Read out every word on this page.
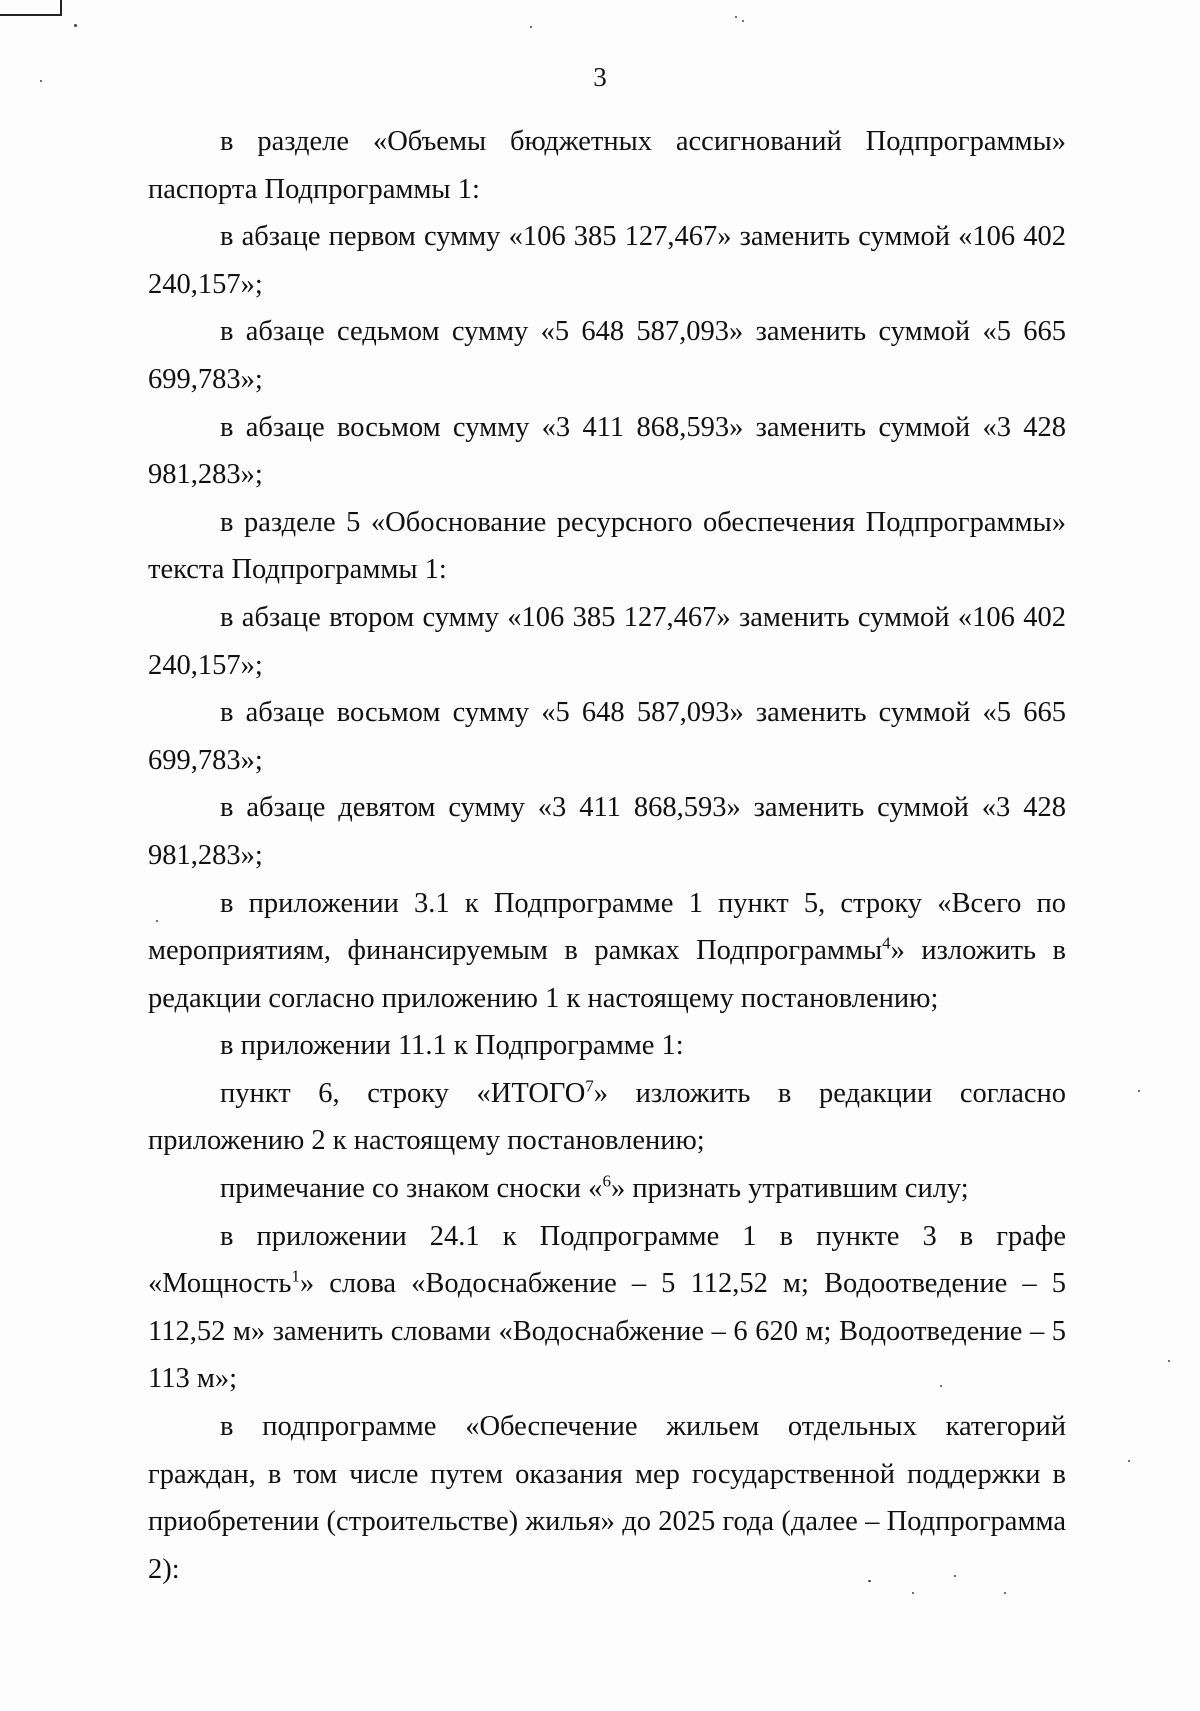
3

в разделе «Объемы бюджетных ассигнований Подпрограммы» паспорта Подпрограммы 1:

в абзаце первом сумму «106 385 127,467» заменить суммой «106 402 240,157»;

в абзаце седьмом сумму «5 648 587,093» заменить суммой «5 665 699,783»;

в абзаце восьмом сумму «3 411 868,593» заменить суммой «3 428 981,283»;

в разделе 5 «Обоснование ресурсного обеспечения Подпрограммы» текста Подпрограммы 1:

в абзаце втором сумму «106 385 127,467» заменить суммой «106 402 240,157»;

в абзаце восьмом сумму «5 648 587,093» заменить суммой «5 665 699,783»;

в абзаце девятом сумму «3 411 868,593» заменить суммой «3 428 981,283»;

в приложении 3.1 к Подпрограмме 1 пункт 5, строку «Всего по мероприятиям, финансируемым в рамках Подпрограммы$^4$» изложить в редакции согласно приложению 1 к настоящему постановлению;

в приложении 11.1 к Подпрограмме 1:

пункт 6, строку «ИТОГО$^7$» изложить в редакции согласно приложению 2 к настоящему постановлению;

примечание со знаком сноски «$^6$» признать утратившим силу;

в приложении 24.1 к Подпрограмме 1 в пункте 3 в графе «Мощность$^1$» слова «Водоснабжение – 5 112,52 м; Водоотведение – 5 112,52 м» заменить словами «Водоснабжение – 6 620 м; Водоотведение – 5 113 м»;

в подпрограмме «Обеспечение жильем отдельных категорий граждан, в том числе путем оказания мер государственной поддержки в приобретении (строительстве) жилья» до 2025 года (далее – Подпрограмма 2):
